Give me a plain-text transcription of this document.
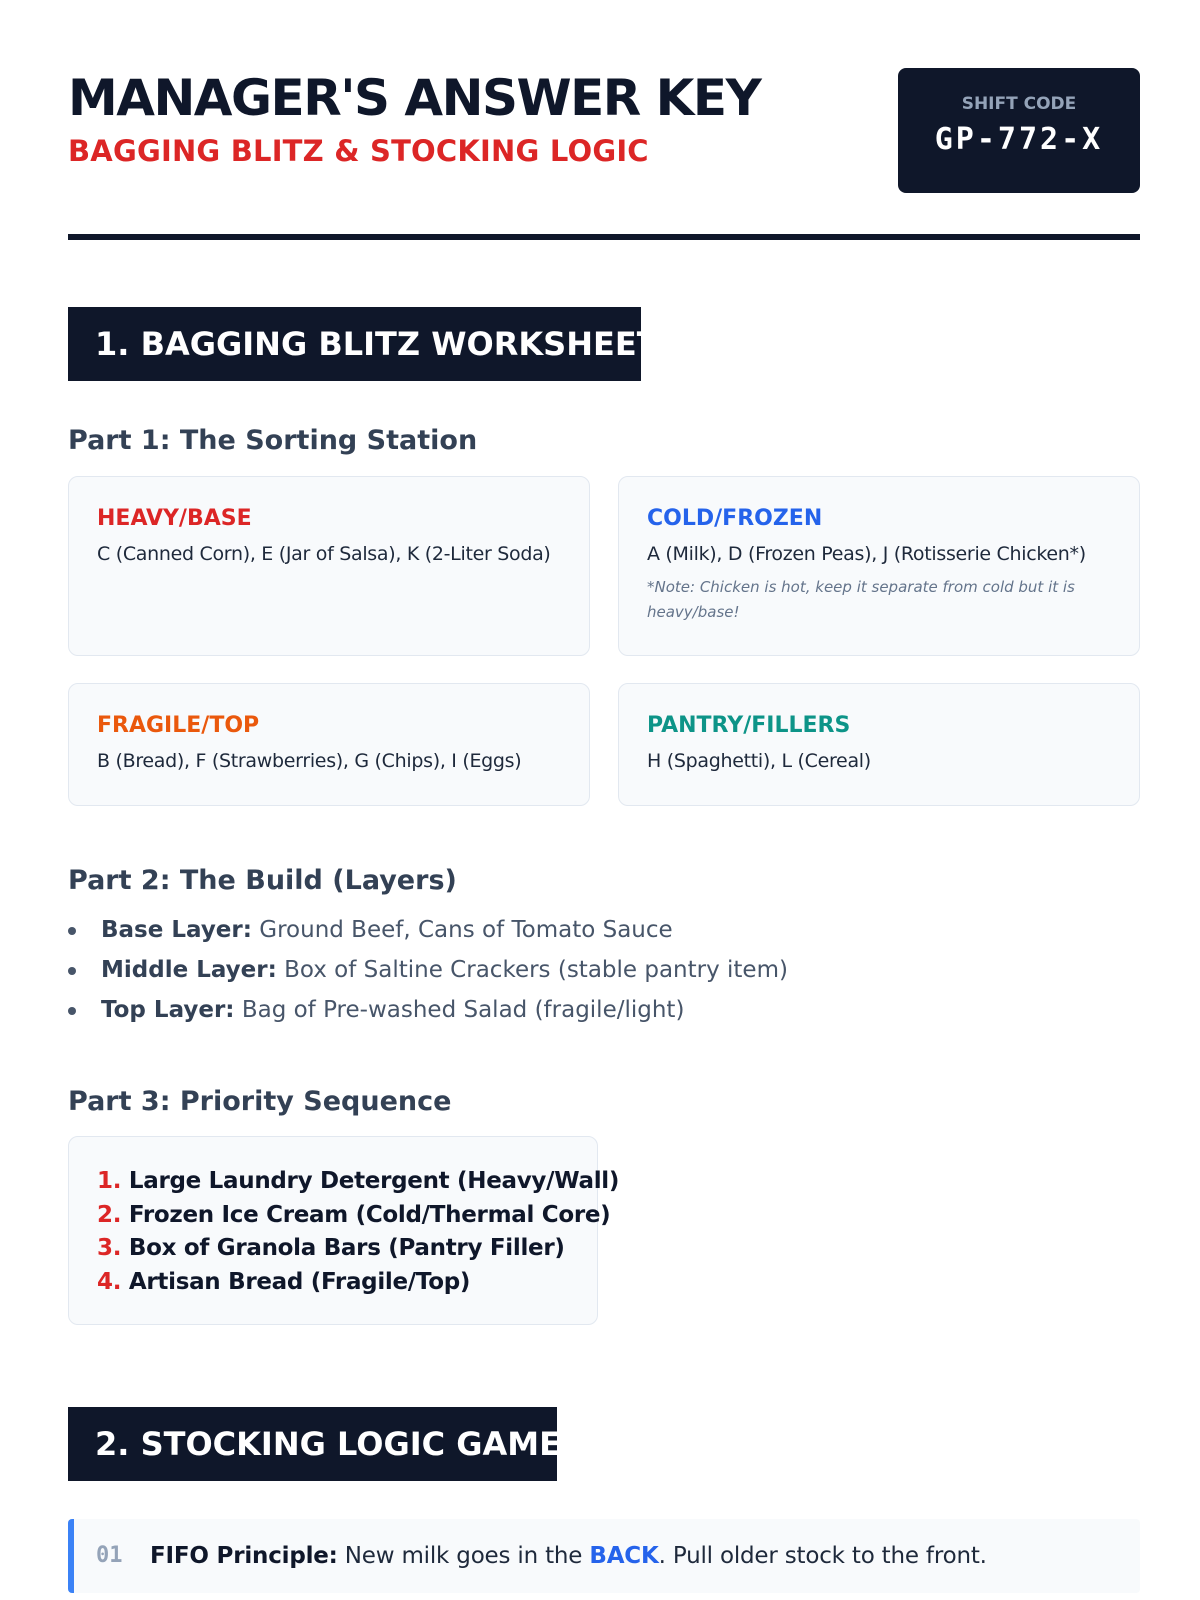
MANAGER'S ANSWER KEY
BAGGING BLITZ & STOCKING LOGIC
SHIFT CODE
GP-772-X
1. BAGGING BLITZ WORKSHEET
Part 1: The Sorting Station
HEAVY/BASE
C (Canned Corn), E (Jar of Salsa), K (2-Liter Soda)
COLD/FROZEN
A (Milk), D (Frozen Peas), J (Rotisserie Chicken*)
*Note: Chicken is hot, keep it separate from cold but it is heavy/base!
FRAGILE/TOP
B (Bread), F (Strawberries), G (Chips), I (Eggs)
PANTRY/FILLERS
H (Spaghetti), L (Cereal)
Part 2: The Build (Layers)
Base Layer: Ground Beef, Cans of Tomato Sauce
Middle Layer: Box of Saltine Crackers (stable pantry item)
Top Layer: Bag of Pre-washed Salad (fragile/light)
Part 3: Priority Sequence
1. Large Laundry Detergent (Heavy/Wall)
2. Frozen Ice Cream (Cold/Thermal Core)
3. Box of Granola Bars (Pantry Filler)
4. Artisan Bread (Fragile/Top)
2. STOCKING LOGIC GAME
01 FIFO Principle: New milk goes in the BACK. Pull older stock to the front.
